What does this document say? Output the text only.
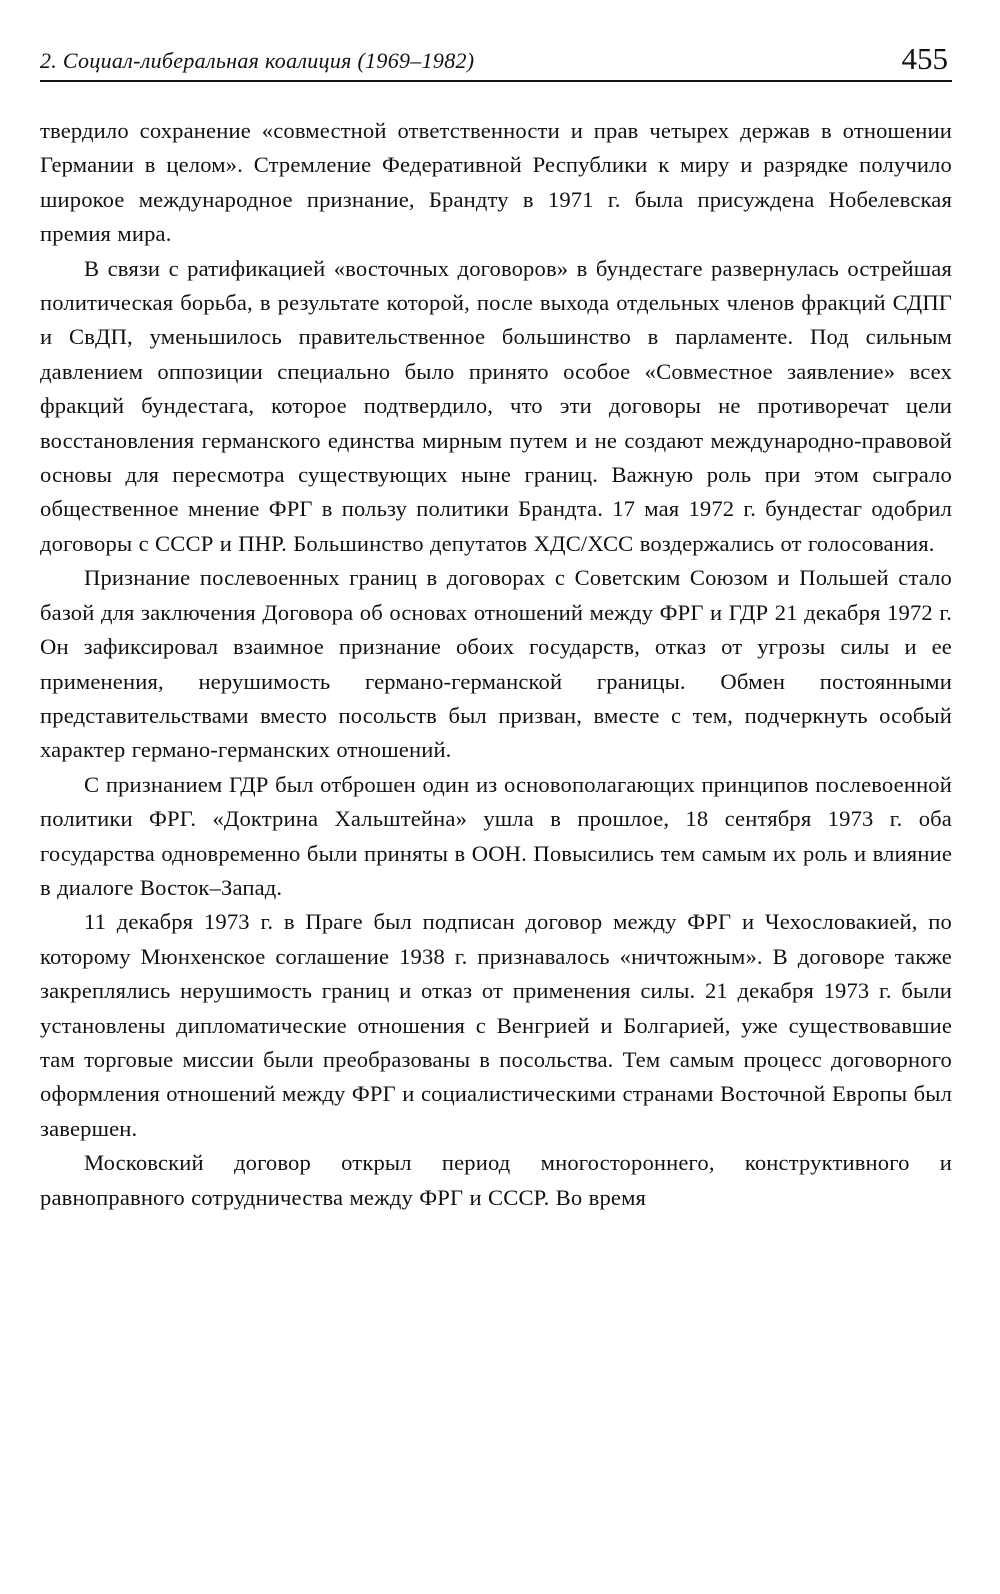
2. Социал-либеральная коалиция (1969–1982)	455

твердило сохранение «совместной ответственности и прав четырех держав в отношении Германии в целом». Стремление Федеративной Республики к миру и разрядке получило широкое международное признание, Брандту в 1971 г. была присуждена Нобелевская премия мира.

В связи с ратификацией «восточных договоров» в бундестаге развернулась острейшая политическая борьба, в результате которой, после выхода отдельных членов фракций СДПГ и СвДП, уменьшилось правительственное большинство в парламенте. Под сильным давлением оппозиции специально было принято особое «Совместное заявление» всех фракций бундестага, которое подтвердило, что эти договоры не противоречат цели восстановления германского единства мирным путем и не создают международно-правовой основы для пересмотра существующих ныне границ. Важную роль при этом сыграло общественное мнение ФРГ в пользу политики Брандта. 17 мая 1972 г. бундестаг одобрил договоры с СССР и ПНР. Большинство депутатов ХДС/ХСС воздержались от голосования.

Признание послевоенных границ в договорах с Советским Союзом и Польшей стало базой для заключения Договора об основах отношений между ФРГ и ГДР 21 декабря 1972 г. Он зафиксировал взаимное признание обоих государств, отказ от угрозы силы и ее применения, нерушимость германо-германской границы. Обмен постоянными представительствами вместо посольств был призван, вместе с тем, подчеркнуть особый характер германо-германских отношений.

С признанием ГДР был отброшен один из основополагающих принципов послевоенной политики ФРГ. «Доктрина Хальштейна» ушла в прошлое, 18 сентября 1973 г. оба государства одновременно были приняты в ООН. Повысились тем самым их роль и влияние в диалоге Восток–Запад.

11 декабря 1973 г. в Праге был подписан договор между ФРГ и Чехословакией, по которому Мюнхенское соглашение 1938 г. признавалось «ничтожным». В договоре также закреплялись нерушимость границ и отказ от применения силы. 21 декабря 1973 г. были установлены дипломатические отношения с Венгрией и Болгарией, уже существовавшие там торговые миссии были преобразованы в посольства. Тем самым процесс договорного оформления отношений между ФРГ и социалистическими странами Восточной Европы был завершен.

Московский договор открыл период многостороннего, конструктивного и равноправного сотрудничества между ФРГ и СССР. Во время
